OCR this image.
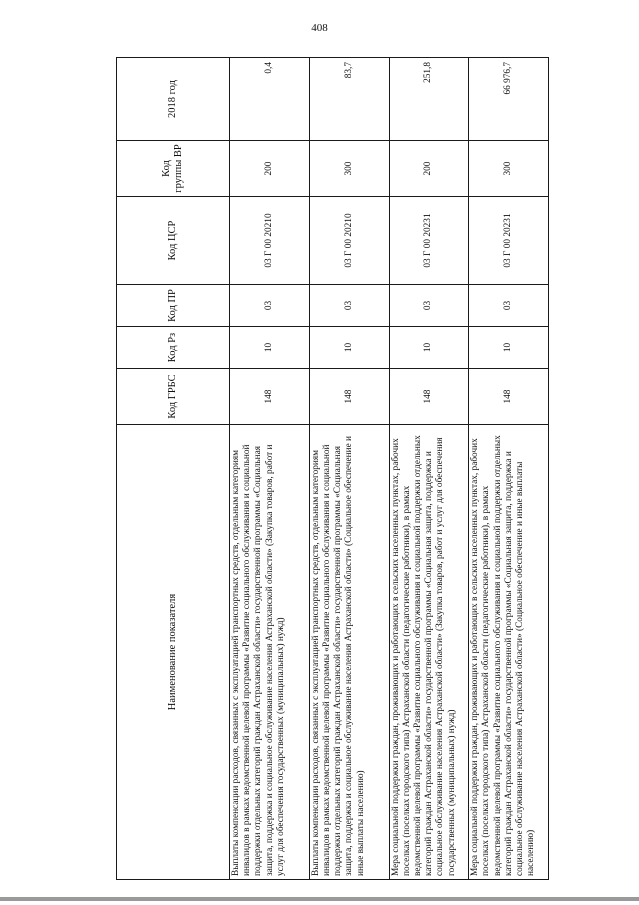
408
Наименование показателя	Код ГРБС	Код Рз	Код ПР	Код ЦСР	Код группы ВР	2018 год
Выплаты компенсации расходов, связанных с эксплуатацией транспортных средств, отдельным категориям инвалидов в рамках ведомственной целевой программы «Развитие социального обслуживания и социальной поддержки отдельных категорий граждан Астраханской области» государственной программы «Социальная защита, поддержка и социальное обслуживание населения Астраханской области» (Закупка товаров, работ и услуг для обеспечения государственных (муниципальных) нужд)	148	10	03	03 Г 00 20210	200	0,4
Выплаты компенсации расходов, связанных с эксплуатацией транспортных средств, отдельным категориям инвалидов в рамках ведомственной целевой программы «Развитие социального обслуживания и социальной поддержки отдельных категорий граждан Астраханской области» государственной программы «Социальная защита, поддержка и социальное обслуживание населения Астраханской области» (Социальное обеспечение и иные выплаты населению)	148	10	03	03 Г 00 20210	300	83,7
Мера социальной поддержки граждан, проживающих и работающих в сельских населенных пунктах, рабочих поселках (поселках городского типа) Астраханской области (педагогические работники), в рамках ведомственной целевой программы «Развитие социального обслуживания и социальной поддержки отдельных категорий граждан Астраханской области» государственной программы «Социальная защита, поддержка и социальное обслуживание населения Астраханской области» (Закупка товаров, работ и услуг для обеспечения государственных (муниципальных) нужд)	148	10	03	03 Г 00 20231	200	251,8
Мера социальной поддержки граждан, проживающих и работающих в сельских населенных пунктах, рабочих поселках (поселках городского типа) Астраханской области (педагогические работники), в рамках ведомственной целевой программы «Развитие социального обслуживания и социальной поддержки отдельных категорий граждан Астраханской области» государственной программы «Социальная защита, поддержка и социальное обслуживание населения Астраханской области» (Социальное обеспечение и иные выплаты населению)	148	10	03	03 Г 00 20231	300	66 976,7
